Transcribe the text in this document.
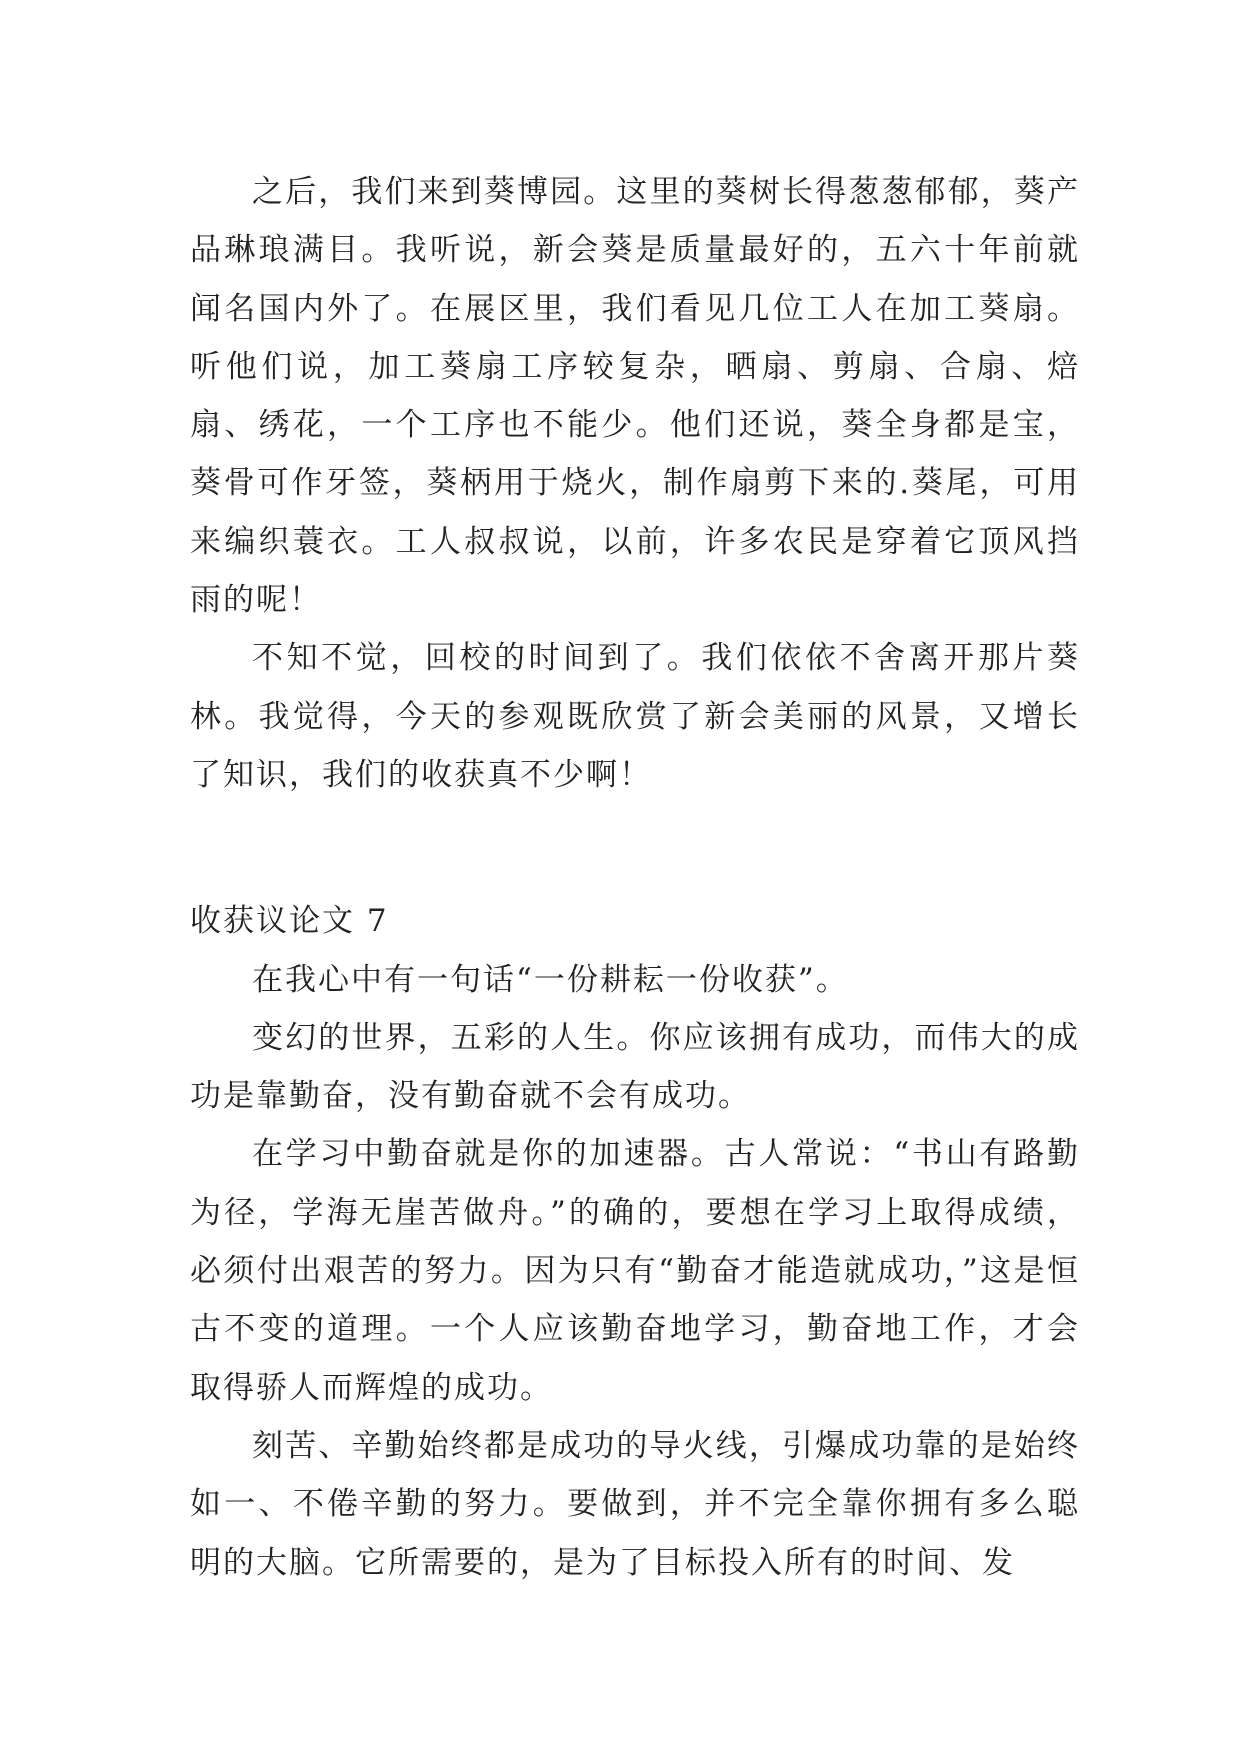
之后，我们来到葵博园。这里的葵树长得葱葱郁郁，葵产品琳琅满目。我听说，新会葵是质量最好的，五六十年前就闻名国内外了。在展区里，我们看见几位工人在加工葵扇。听他们说，加工葵扇工序较复杂，晒扇、剪扇、合扇、焙扇、绣花，一个工序也不能少。他们还说，葵全身都是宝，葵骨可作牙签，葵柄用于烧火，制作扇剪下来的.葵尾，可用来编织蓑衣。工人叔叔说，以前，许多农民是穿着它顶风挡雨的呢！

不知不觉，回校的时间到了。我们依依不舍离开那片葵林。我觉得，今天的参观既欣赏了新会美丽的风景，又增长了知识，我们的收获真不少啊！

收获议论文 7

在我心中有一句话“一份耕耘一份收获”。

变幻的世界，五彩的人生。你应该拥有成功，而伟大的成功是靠勤奋，没有勤奋就不会有成功。

在学习中勤奋就是你的加速器。古人常说：“书山有路勤为径，学海无崖苦做舟。”的确的，要想在学习上取得成绩，必须付出艰苦的努力。因为只有“勤奋才能造就成功，”这是恒古不变的道理。一个人应该勤奋地学习，勤奋地工作，才会取得骄人而辉煌的成功。

刻苦、辛勤始终都是成功的导火线，引爆成功靠的是始终如一、不倦辛勤的努力。要做到，并不完全靠你拥有多么聪明的大脑。它所需要的，是为了目标投入所有的时间、发
